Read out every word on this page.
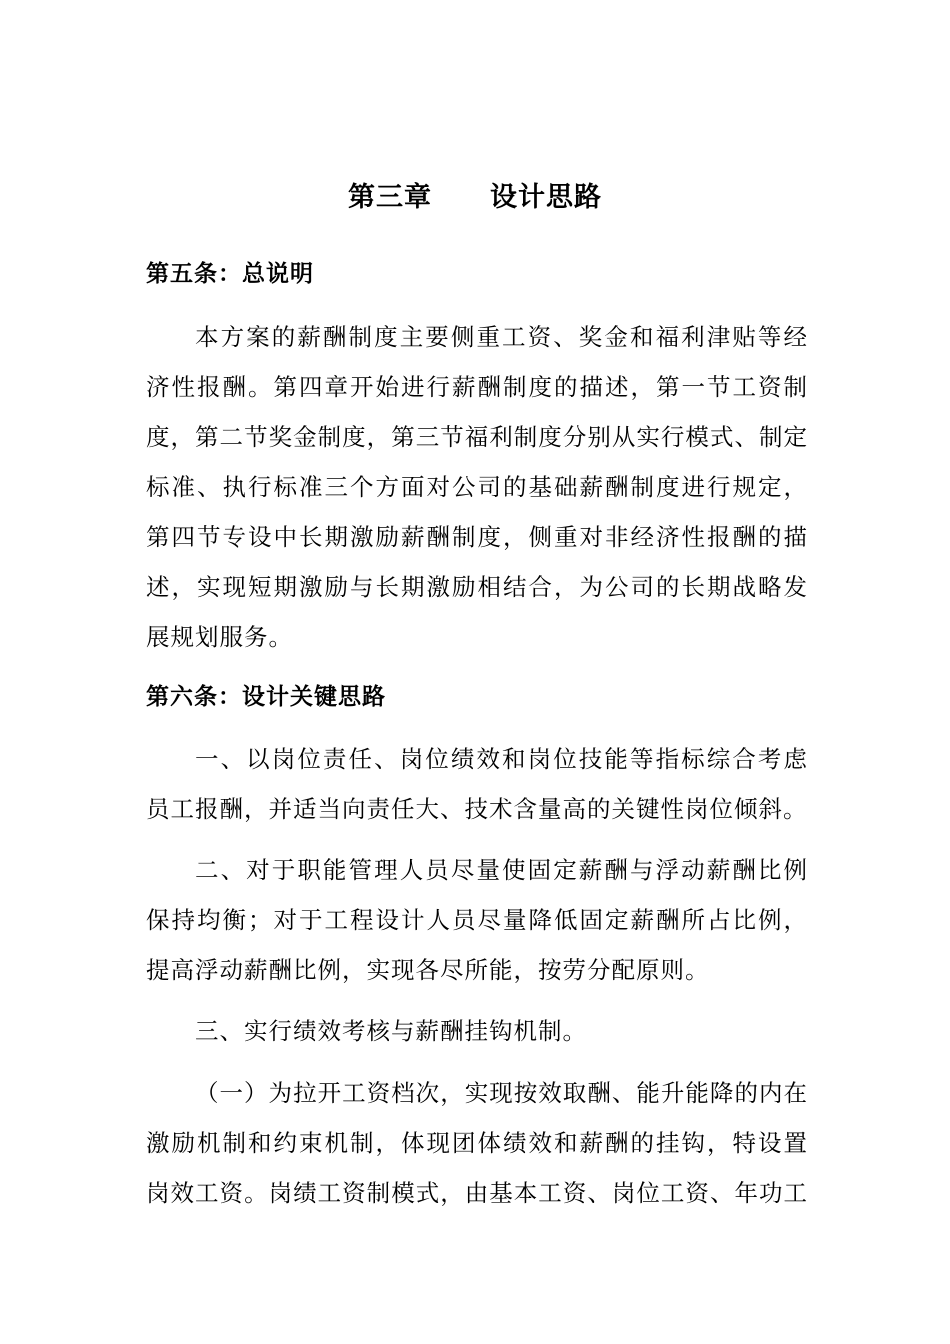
第三章 设计思路
第五条：总说明
本方案的薪酬制度主要侧重工资、奖金和福利津贴等经
济性报酬。第四章开始进行薪酬制度的描述，第一节工资制
度，第二节奖金制度，第三节福利制度分别从实行模式、制定
标准、执行标准三个方面对公司的基础薪酬制度进行规定，
第四节专设中长期激励薪酬制度，侧重对非经济性报酬的描
述，实现短期激励与长期激励相结合，为公司的长期战略发
展规划服务。
第六条：设计关键思路
一、以岗位责任、岗位绩效和岗位技能等指标综合考虑
员工报酬，并适当向责任大、技术含量高的关键性岗位倾斜。
二、对于职能管理人员尽量使固定薪酬与浮动薪酬比例
保持均衡；对于工程设计人员尽量降低固定薪酬所占比例，
提高浮动薪酬比例，实现各尽所能，按劳分配原则。
三、实行绩效考核与薪酬挂钩机制。
（一）为拉开工资档次，实现按效取酬、能升能降的内在
激励机制和约束机制，体现团体绩效和薪酬的挂钩，特设置
岗效工资。岗绩工资制模式，由基本工资、岗位工资、年功工
